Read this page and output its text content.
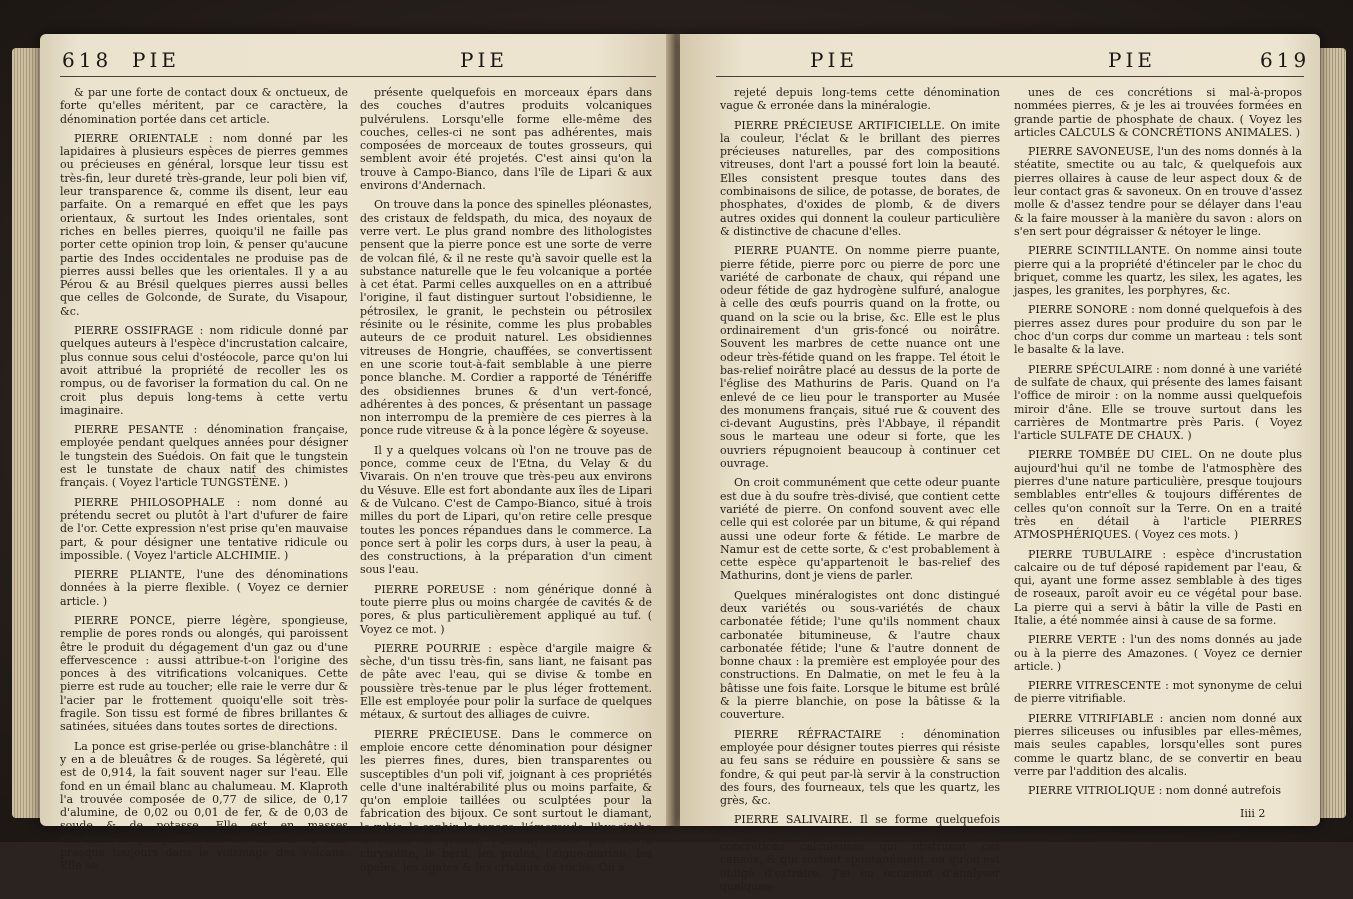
618 PIE	PIE

& par une forte de contact doux & onctueux, de forte qu'elles méritent, par ce caractère, la dénomination portée dans cet article.

PIERRE ORIENTALE : nom donné par les lapidaires à plusieurs espèces de pierres gemmes ou précieuses en général, lorsque leur tissu est très-fin, leur dureté très-grande, leur poli bien vif, leur transparence &, comme ils disent, leur eau parfaite. On a remarqué en effet que les pays orientaux, & surtout les Indes orientales, sont riches en belles pierres, quoiqu'il ne faille pas porter cette opinion trop loin, & penser qu'aucune partie des Indes occidentales ne produise pas de pierres aussi belles que les orientales. Il y a au Pérou & au Brésil quelques pierres aussi belles que celles de Golconde, de Surate, du Visapour, &c.

PIERRE OSSIFRAGE : nom ridicule donné par quelques auteurs à l'espèce d'incrustation calcaire, plus connue sous celui d'ostéocole, parce qu'on lui avoit attribué la propriété de recoller les os rompus, ou de favoriser la formation du cal. On ne croit plus depuis long-tems à cette vertu imaginaire.

PIERRE PESANTE : dénomination française, employée pendant quelques années pour désigner le tungstein des Suédois. On fait que le tungstein est le tunstate de chaux natif des chimistes français. ( Voyez l'article TUNGSTÈNE. )

PIERRE PHILOSOPHALE : nom donné au prétendu secret ou plutôt à l'art d'ufurer de faire de l'or. Cette expression n'est prise qu'en mauvaise part, & pour désigner une tentative ridicule ou impossible. ( Voyez l'article ALCHIMIE. )

PIERRE PLIANTE, l'une des dénominations données à la pierre flexible. ( Voyez ce dernier article. )

PIERRE PONCE, pierre légère, spongieuse, remplie de pores ronds ou alongés, qui paroissent être le produit du dégagement d'un gaz ou d'une effervescence : aussi attribue-t-on l'origine des ponces à des vitrifications volcaniques. Cette pierre est rude au toucher; elle raie le verre dur & l'acier par le frottement quoiqu'elle soit très-fragile. Son tissu est formé de fibres brillantes & satinées, situées dans toutes sortes de directions.

La ponce est grise-perlée ou grise-blanchâtre : il y en a de bleuâtres & de rouges. Sa légèreté, qui est de 0,914, la fait souvent nager sur l'eau. Elle fond en un émail blanc au chalumeau. M. Klaproth l'a trouvée composée de 0,77 de silice, de 0,17 d'alumine, de 0,02 ou 0,01 de fer, & de 0,03 de soude & de potasse. Elle est en masses disséminées quelquefois sur les eaux de la mer, presque toujours dans le voisinage des volcans. Elle se

présente quelquefois en morceaux épars dans des couches d'autres produits volcaniques pulvérulens. Lorsqu'elle forme elle-même des couches, celles-ci ne sont pas adhérentes, mais composées de morceaux de toutes grosseurs, qui semblent avoir été projetés. C'est ainsi qu'on la trouve à Campo-Bianco, dans l'île de Lipari & aux environs d'Andernach.

On trouve dans la ponce des spinelles pléonastes, des cristaux de feldspath, du mica, des noyaux de verre vert. Le plus grand nombre des lithologistes pensent que la pierre ponce est une sorte de verre de volcan filé, & il ne reste qu'à savoir quelle est la substance naturelle que le feu volcanique a portée à cet état. Parmi celles auxquelles on en a attribué l'origine, il faut distinguer surtout l'obsidienne, le pétrosilex, le granit, le pechstein ou pétrosilex résinite ou le résinite, comme les plus probables auteurs de ce produit naturel. Les obsidiennes vitreuses de Hongrie, chauffées, se convertissent en une scorie tout-à-fait semblable à une pierre ponce blanche. M. Cordier a rapporté de Ténériffe des obsidiennes brunes & d'un vert-foncé, adhérentes à des ponces, & présentant un passage non interrompu de la première de ces pierres à la ponce rude vitreuse & à la ponce légère & soyeuse.

Il y a quelques volcans où l'on ne trouve pas de ponce, comme ceux de l'Etna, du Velay & du Vivarais. On n'en trouve que très-peu aux environs du Vésuve. Elle est fort abondante aux îles de Lipari & de Vulcano. C'est de Campo-Bianco, situé à trois milles du port de Lipari, qu'on retire celle presque toutes les ponces répandues dans le commerce. La ponce sert à polir les corps durs, à user la peau, à des constructions, à la préparation d'un ciment sous l'eau.

PIERRE POREUSE : nom générique donné à toute pierre plus ou moins chargée de cavités & de pores, & plus particulièrement appliqué au tuf. ( Voyez ce mot. )

PIERRE POURRIE : espèce d'argile maigre & sèche, d'un tissu très-fin, sans liant, ne faisant pas de pâte avec l'eau, qui se divise & tombe en poussière très-tenue par le plus léger frottement. Elle est employée pour polir la surface de quelques métaux, & surtout des alliages de cuivre.

PIERRE PRÉCIEUSE. Dans le commerce on emploie encore cette dénomination pour désigner les pierres fines, dures, bien transparentes ou susceptibles d'un poli vif, joignant à ces propriétés celle d'une inaltérabilité plus ou moins parfaite, & qu'on emploie taillées ou sculptées pour la fabrication des bijoux. Ce sont surtout le diamant, le rubis, le saphir, la topaze, l'émeraude, l'hyacinthe & même le grenat, l'améthyste, le péridot, la chrysolite, le béril, les prales, l'aigue-marine, les opales, les agates & les cristaux de roche. On a

PIE	PIE	619

rejeté depuis long-tems cette dénomination vague & erronée dans la minéralogie.

PIERRE PRÉCIEUSE ARTIFICIELLE. On imite la couleur, l'éclat & le brillant des pierres précieuses naturelles, par des compositions vitreuses, dont l'art a poussé fort loin la beauté. Elles consistent presque toutes dans des combinaisons de silice, de potasse, de borates, de phosphates, d'oxides de plomb, & de divers autres oxides qui donnent la couleur particulière & distinctive de chacune d'elles.

PIERRE PUANTE. On nomme pierre puante, pierre fétide, pierre porc ou pierre de porc une variété de carbonate de chaux, qui répand une odeur fétide de gaz hydrogène sulfuré, analogue à celle des œufs pourris quand on la frotte, ou quand on la scie ou la brise, &c. Elle est le plus ordinairement d'un gris-foncé ou noirâtre. Souvent les marbres de cette nuance ont une odeur très-fétide quand on les frappe. Tel étoit le bas-relief noirâtre placé au dessus de la porte de l'église des Mathurins de Paris. Quand on l'a enlevé de ce lieu pour le transporter au Musée des monumens français, situé rue & couvent des ci-devant Augustins, près l'Abbaye, il répandit sous le marteau une odeur si forte, que les ouvriers répugnoient beaucoup à continuer cet ouvrage.

On croit communément que cette odeur puante est due à du soufre très-divisé, que contient cette variété de pierre. On confond souvent avec elle celle qui est colorée par un bitume, & qui répand aussi une odeur forte & fétide. Le marbre de Namur est de cette sorte, & c'est probablement à cette espèce qu'appartenoit le bas-relief des Mathurins, dont je viens de parler.

Quelques minéralogistes ont donc distingué deux variétés ou sous-variétés de chaux carbonatée fétide; l'une qu'ils nomment chaux carbonatée bitumineuse, & l'autre chaux carbonatée fétide; l'une & l'autre donnent de bonne chaux : la première est employée pour des constructions. En Dalmatie, on met le feu à la bâtisse une fois faite. Lorsque le bitume est brûlé & la pierre blanchie, on pose la bâtisse & la couverture.

PIERRE RÉFRACTAIRE : dénomination employée pour désigner toutes pierres qui résiste au feu sans se réduire en poussière & sans se fondre, & qui peut par-là servir à la construction des fours, des fourneaux, tels que les quartz, les grès, &c.

PIERRE SALIVAIRE. Il se forme quelquefois dans les conduits des glandes salivaires, des concrétions calculeuses qui obstruent ces canaux, & qui sortent spontanément, ou qu'on est obligé d'extraire. J'ai eu occasion d'analyser quelques-

unes de ces concrétions si mal-à-propos nommées pierres, & je les ai trouvées formées en grande partie de phosphate de chaux. ( Voyez les articles CALCULS & CONCRÉTIONS ANIMALES. )

PIERRE SAVONEUSE, l'un des noms donnés à la stéatite, smectite ou au talc, & quelquefois aux pierres ollaires à cause de leur aspect doux & de leur contact gras & savoneux. On en trouve d'assez molle & d'assez tendre pour se délayer dans l'eau & la faire mousser à la manière du savon : alors on s'en sert pour dégraisser & nétoyer le linge.

PIERRE SCINTILLANTE. On nomme ainsi toute pierre qui a la propriété d'étinceler par le choc du briquet, comme les quartz, les silex, les agates, les jaspes, les granites, les porphyres, &c.

PIERRE SONORE : nom donné quelquefois à des pierres assez dures pour produire du son par le choc d'un corps dur comme un marteau : tels sont le basalte & la lave.

PIERRE SPÉCULAIRE : nom donné à une variété de sulfate de chaux, qui présente des lames faisant l'office de miroir : on la nomme aussi quelquefois miroir d'âne. Elle se trouve surtout dans les carrières de Montmartre près Paris. ( Voyez l'article SULFATE DE CHAUX. )

PIERRE TOMBÉE DU CIEL. On ne doute plus aujourd'hui qu'il ne tombe de l'atmosphère des pierres d'une nature particulière, presque toujours semblables entr'elles & toujours différentes de celles qu'on connoît sur la Terre. On en a traité très en détail à l'article PIERRES ATMOSPHÉRIQUES. ( Voyez ces mots. )

PIERRE TUBULAIRE : espèce d'incrustation calcaire ou de tuf déposé rapidement par l'eau, & qui, ayant une forme assez semblable à des tiges de roseaux, paroît avoir eu ce végétal pour base. La pierre qui a servi à bâtir la ville de Pasti en Italie, a été nommée ainsi à cause de sa forme.

PIERRE VERTE : l'un des noms donnés au jade ou à la pierre des Amazones. ( Voyez ce dernier article. )

PIERRE VITRESCENTE : mot synonyme de celui de pierre vitrifiable.

PIERRE VITRIFIABLE : ancien nom donné aux pierres siliceuses ou infusibles par elles-mêmes, mais seules capables, lorsqu'elles sont pures comme le quartz blanc, de se convertir en beau verre par l'addition des alcalis.

PIERRE VITRIOLIQUE : nom donné autrefois

Iiii 2
